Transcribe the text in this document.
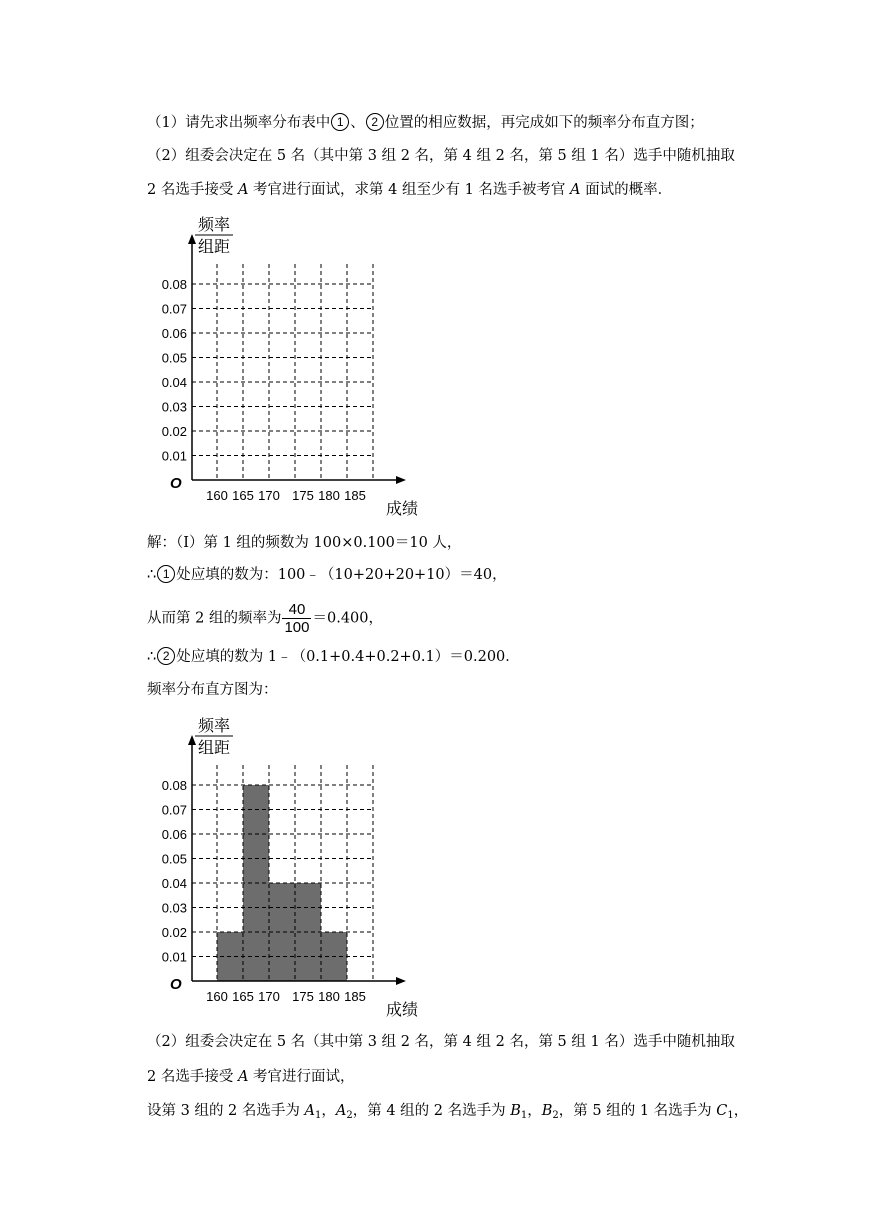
（1）请先求出频率分布表中 1 、 2 位置的相应数据，再完成如下的频率分布直方图；
（2）组委会决定在 5 名（其中第 3 组 2 名，第 4 组 2 名，第 5 组 1 名）选手中随机抽取
2 名选手接受 A 考官进行面试，求第 4 组至少有 1 名选手被考官 A 面试的概率．
0.01
0.02
0.03
0.04
0.05
0.06
0.07
0.08
160 165 170 175 180 185
O
频率
组距
成绩
解：（Ⅰ）第 1 组的频数为 100×0.100＝10 人，
∴ 1 处应填的数为：100﹣（10+20+20+10）＝40，
从而第 2 组的频率为 $\frac{40}{100} =0.400$，
∴ 2 处应填的数为 1﹣（0.1+0.4+0.2+0.1）＝0.200．
频率分布直方图为：
0.01
0.02
0.03
0.04
0.05
0.06
0.07
0.08
160 165 170 175 180 185
O
频率
组距
成绩
（2）组委会决定在 5 名（其中第 3 组 2 名，第 4 组 2 名，第 5 组 1 名）选手中随机抽取
2 名选手接受 A 考官进行面试，
设第 3 组的 2 名选手为 $A_1$，$A_2$，第 4 组的 2 名选手为 $B_1$，$B_2$，第 5 组的 1 名选手为 $C_1$，
